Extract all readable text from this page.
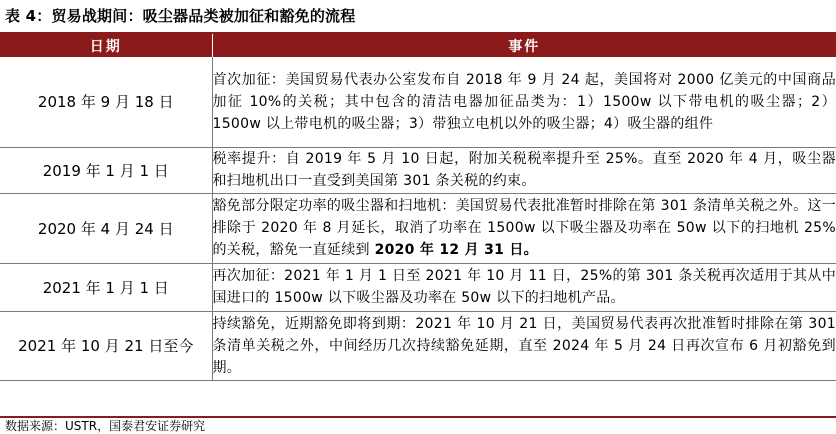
表 4：贸易战期间：吸尘器品类被加征和豁免的流程
日期	事件
2018 年 9 月 18 日	首次加征：美国贸易代表办公室发布自 2018 年 9 月 24 起，美国将对 2000 亿美元的中国商品加征 10%的关税；其中包含的清洁电器加征品类为：1）1500w 以下带电机的吸尘器；2）1500w 以上带电机的吸尘器；3）带独立电机以外的吸尘器；4）吸尘器的组件
2019 年 1 月 1 日	税率提升：自 2019 年 5 月 10 日起，附加关税税率提升至 25%。直至 2020 年 4 月，吸尘器和扫地机出口一直受到美国第 301 条关税的约束。
2020 年 4 月 24 日	豁免部分限定功率的吸尘器和扫地机：美国贸易代表批准暂时排除在第 301 条清单关税之外。这一排除于 2020 年 8 月延长，取消了功率在 1500w 以下吸尘器及功率在 50w 以下的扫地机 25%的关税，豁免一直延续到 2020 年 12 月 31 日。
2021 年 1 月 1 日	再次加征：2021 年 1 月 1 日至 2021 年 10 月 11 日，25%的第 301 条关税再次适用于其从中国进口的 1500w 以下吸尘器及功率在 50w 以下的扫地机产品。
2021 年 10 月 21 日至今	持续豁免，近期豁免即将到期：2021 年 10 月 21 日，美国贸易代表再次批准暂时排除在第 301 条清单关税之外，中间经历几次持续豁免延期，直至 2024 年 5 月 24 日再次宣布 6 月初豁免到期。
数据来源：USTR，国泰君安证券研究
